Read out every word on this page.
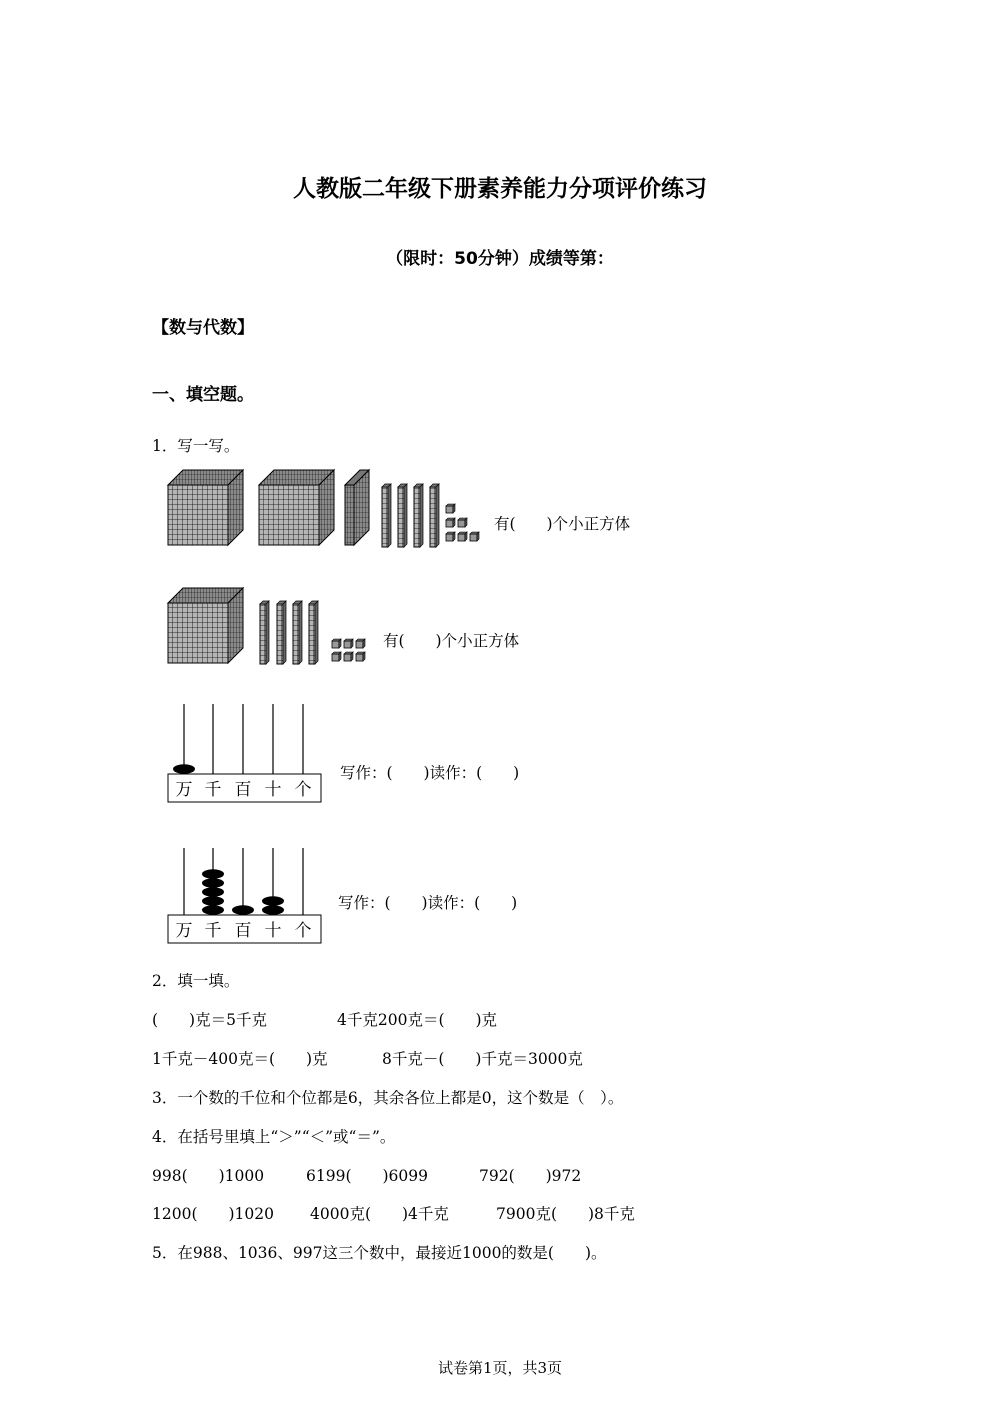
人教版二年级下册素养能力分项评价练习
（限时：50分钟）成绩等第：
【数与代数】
一、填空题。
1．写一写。
有(　　)个小正方体
有(　　)个小正方体
万 千 百 十 个
写作：(　　)读作：(　　)
万 千 百 十 个
写作：(　　)读作：(　　)
2．填一填。
(　　)克＝5千克	4千克200克＝(　　)克
1千克－400克＝(　　)克	8千克－(　　)千克＝3000克
3．一个数的千位和个位都是6，其余各位上都是0，这个数是（　）。
4．在括号里填上“＞”“＜”或“＝”。
998(　　)1000	6199(　　)6099	792(　　)972
1200(　　)1020 4000克(　　)4千克	7900克(　　)8千克
5．在988、1036、997这三个数中，最接近1000的数是(　　)。
试卷第1页，共3页
